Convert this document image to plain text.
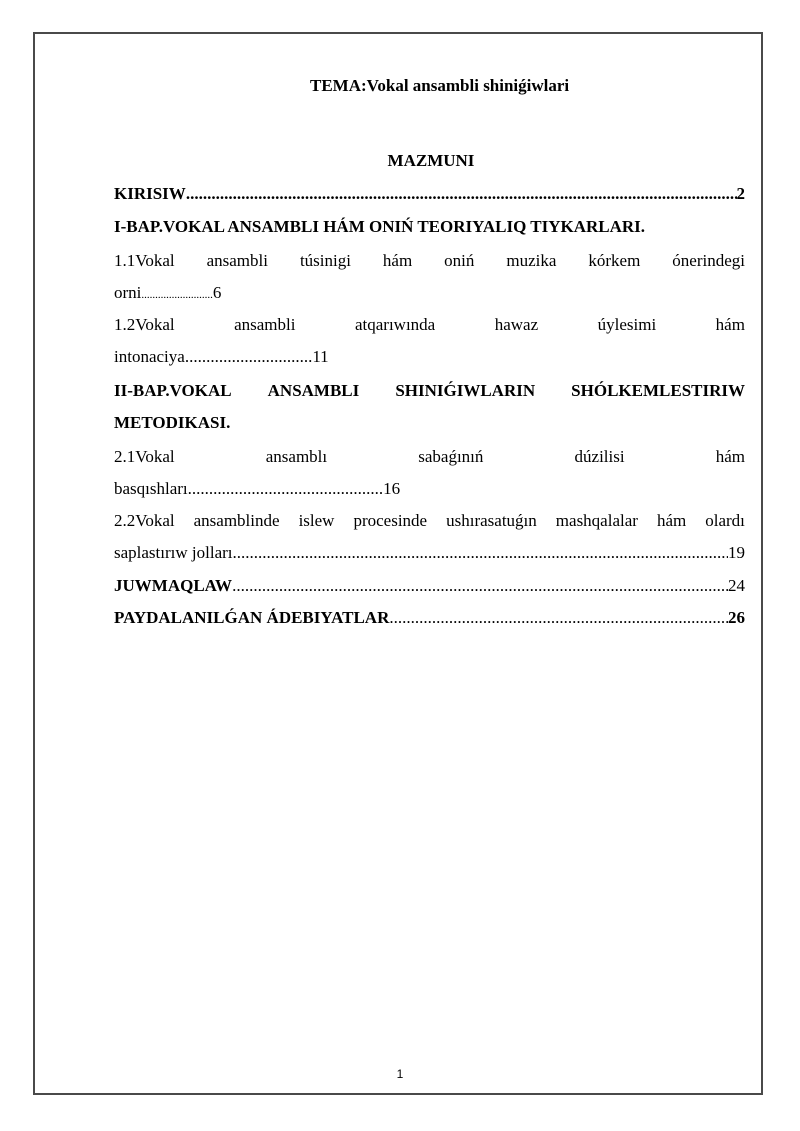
TEMA:Vokal ansambli shiniǵiwlari
MAZMUNI
KIRISIW .....	2
I-BAP.VOKAL ANSAMBLI HÁM ONIŃ TEORIYALIQ TIYKARLARI.
1.1Vokal ansambli túsinigi hám oniń muzika kórkem ónerindegi
orni..........................6
1.2Vokal	ansambli	atqarıwında	hawaz	úylesimi	hám
intonaciya..............................11
II-BAP.VOKAL ANSAMBLI SHINIǴIWLARIN SHÓLKEMLESTIRIW
METODIKASI.
2.1Vokal	ansamblı	sabaǵınıń	dúzilisi	hám
basqıshları..............................................16
2.2Vokal ansamblinde islew procesinde ushırasatuǵın mashqalalar hám olardı
saplastırıw jolları .....	19
JUWMAQLAW .....	24
PAYDALANILǴAN ÁDEBIYATLAR .....	26
1
